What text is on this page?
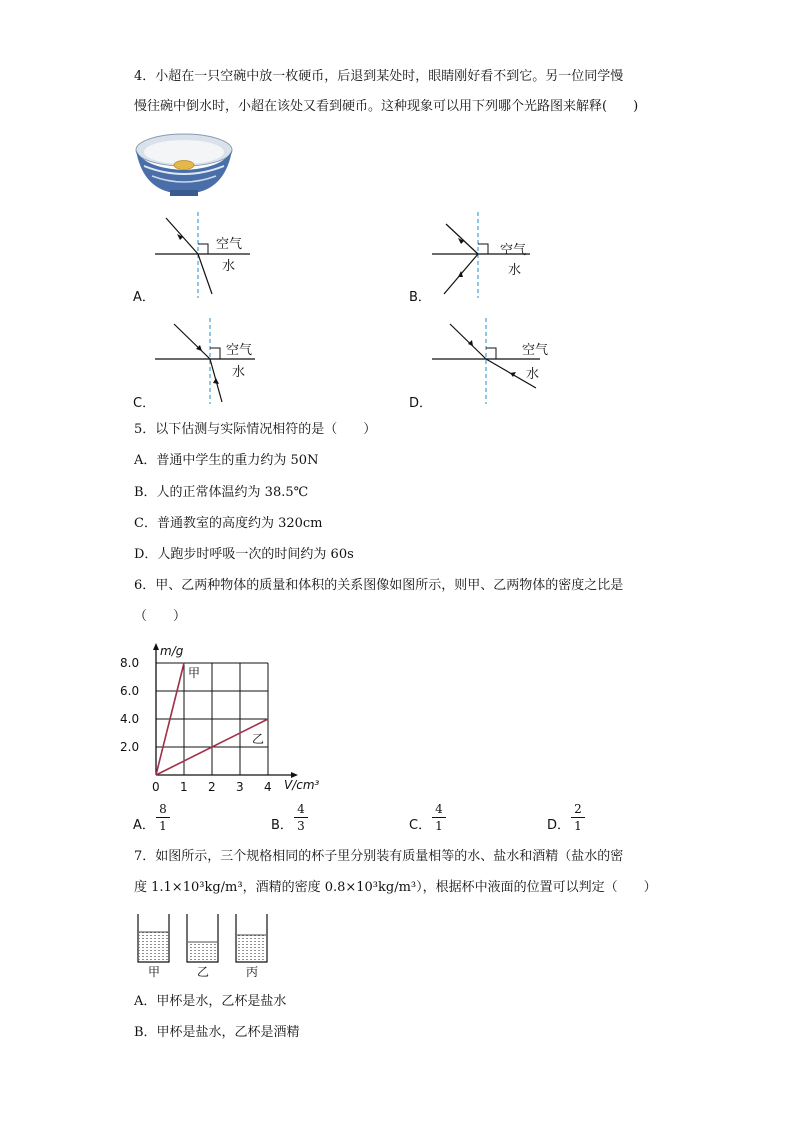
4．小超在一只空碗中放一枚硬币，后退到某处时，眼睛刚好看不到它。另一位同学慢
慢往碗中倒水时，小超在该处又看到硬币。这种现象可以用下列哪个光路图来解释(　　)
A．
空气
水
B．
空气
水
C．
空气
水
D．
空气
水
5．以下估测与实际情况相符的是（　　）
A．普通中学生的重力约为 50N
B．人的正常体温约为 38.5℃
C．普通教室的高度约为 320cm
D．人跑步时呼吸一次的时间约为 60s
6．甲、乙两种物体的质量和体积的关系图像如图所示，则甲、乙两物体的密度之比是
（　　）
0 1 2 3 4
2.0
4.0
6.0
8.0
m/g
V/cm³
甲
乙
A．
8
1	B．
4
3	C．
4
1	D．
2
1
7．如图所示，三个规格相同的杯子里分别装有质量相等的水、盐水和酒精（盐水的密
度 1.1×10³kg/m³，酒精的密度 0.8×10³kg/m³），根据杯中液面的位置可以判定（　　）
甲	乙	丙
A．甲杯是水，乙杯是盐水
B．甲杯是盐水，乙杯是酒精
